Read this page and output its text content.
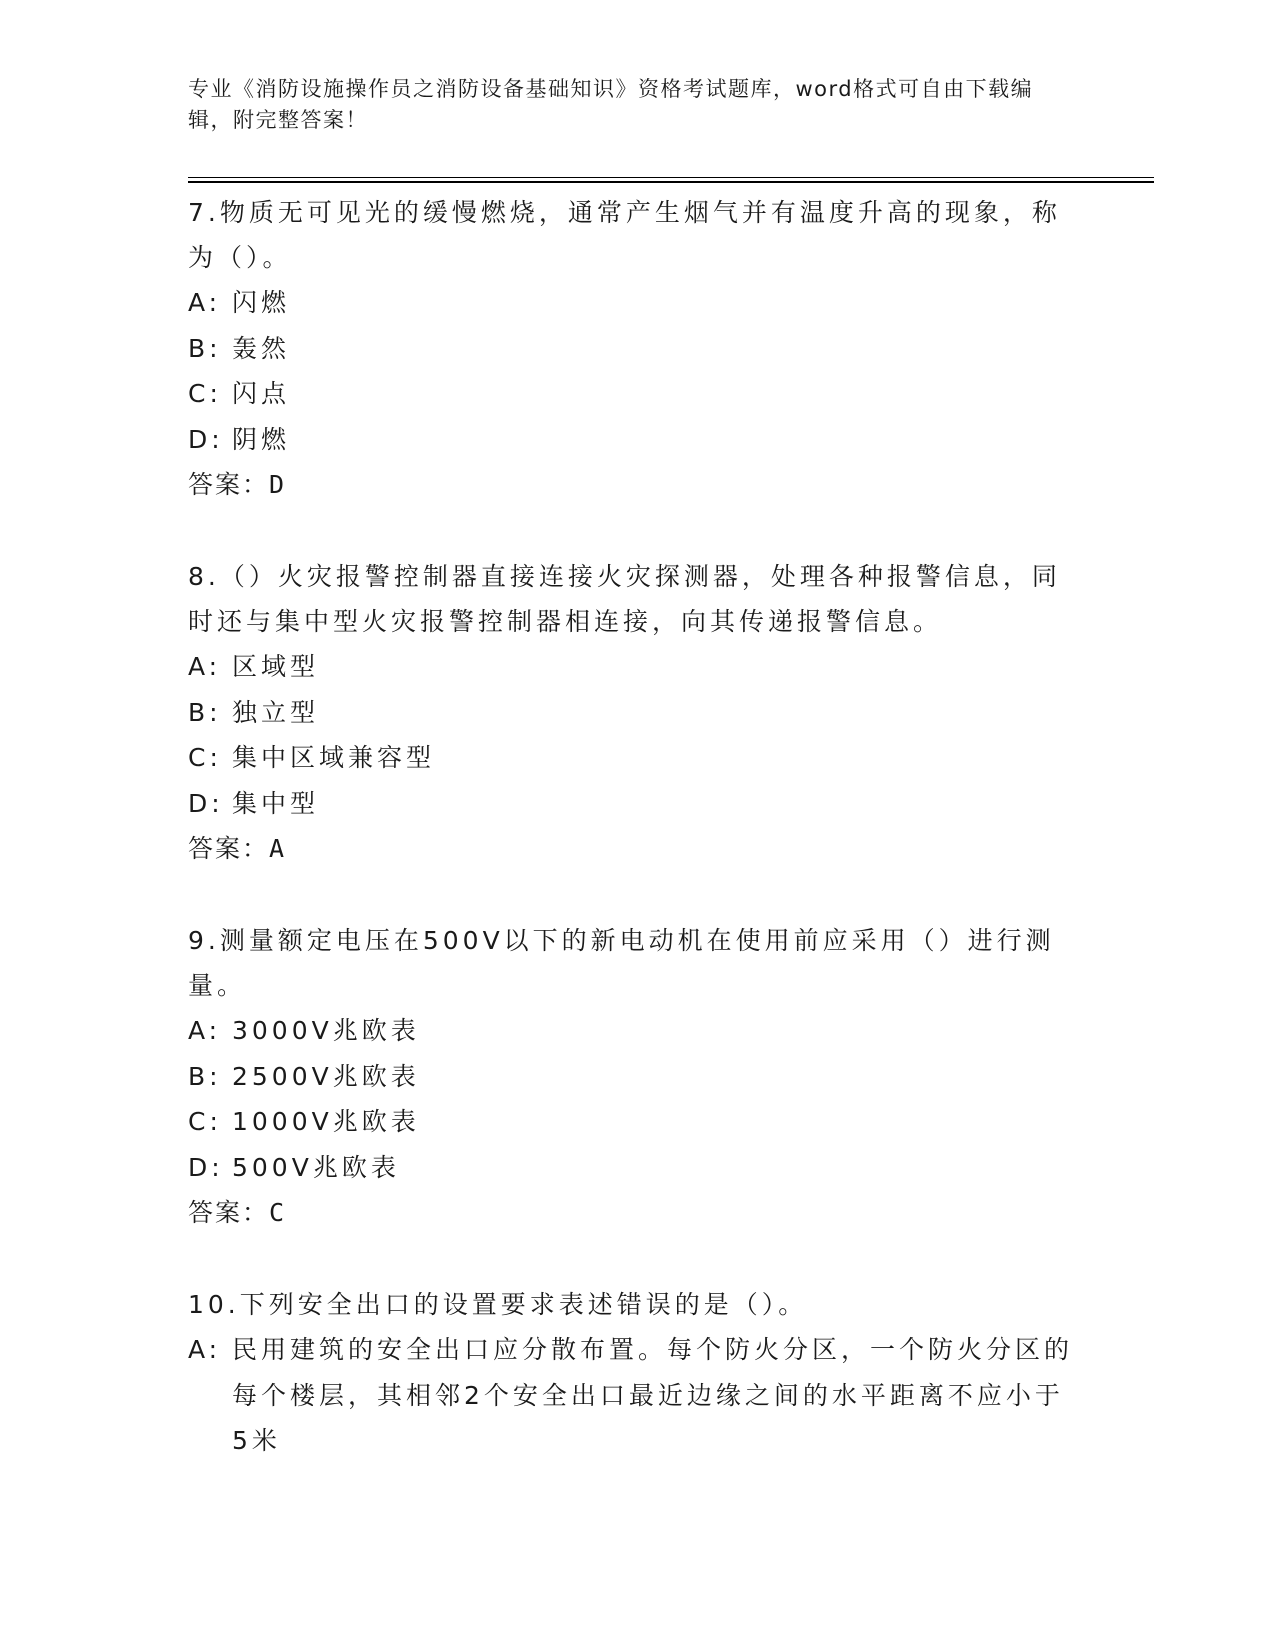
专业《消防设施操作员之消防设备基础知识》资格考试题库，word格式可自由下载编辑，附完整答案！

7.物质无可见光的缓慢燃烧，通常产生烟气并有温度升高的现象，称为（）。

A: 闪燃
B: 轰然
C: 闪点
D: 阴燃

答案：D

8.（）火灾报警控制器直接连接火灾探测器，处理各种报警信息，同时还与集中型火灾报警控制器相连接，向其传递报警信息。

A: 区域型
B: 独立型
C: 集中区域兼容型
D: 集中型

答案：A

9.测量额定电压在500V以下的新电动机在使用前应采用（）进行测量。

A: 3000V兆欧表
B: 2500V兆欧表
C: 1000V兆欧表
D: 500V兆欧表

答案：C

10.下列安全出口的设置要求表述错误的是（）。

A: 民用建筑的安全出口应分散布置。每个防火分区，一个防火分区的每个楼层，其相邻2个安全出口最近边缘之间的水平距离不应小于5米
